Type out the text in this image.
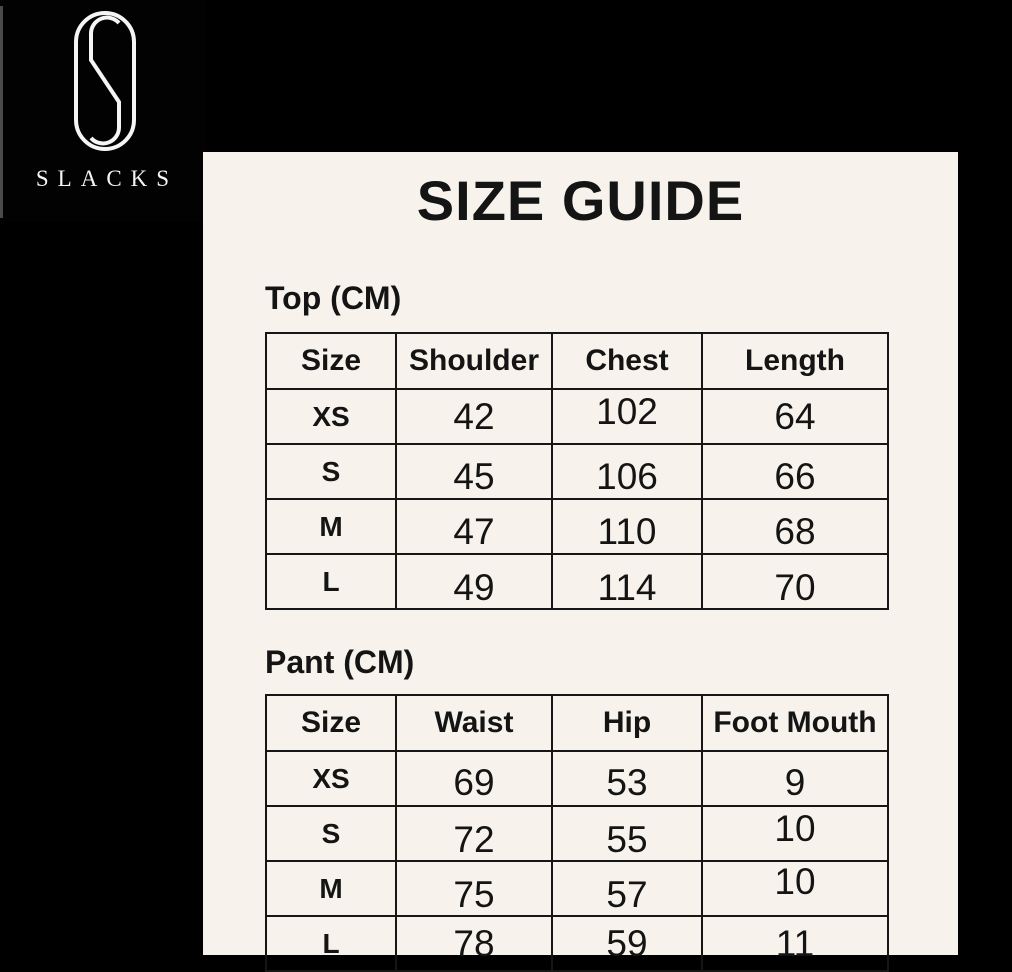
SLACKS	SIZE GUIDE
Top (CM)
Size	Shoulder	Chest	Length
XS	42	102	64
S	45	106	66
M	47	110	68
L	49	114	70
Pant (CM)
Size	Waist	Hip	Foot Mouth
XS	69	53	9
S	72	55	10
M	75	57	10
L	78	59	11
